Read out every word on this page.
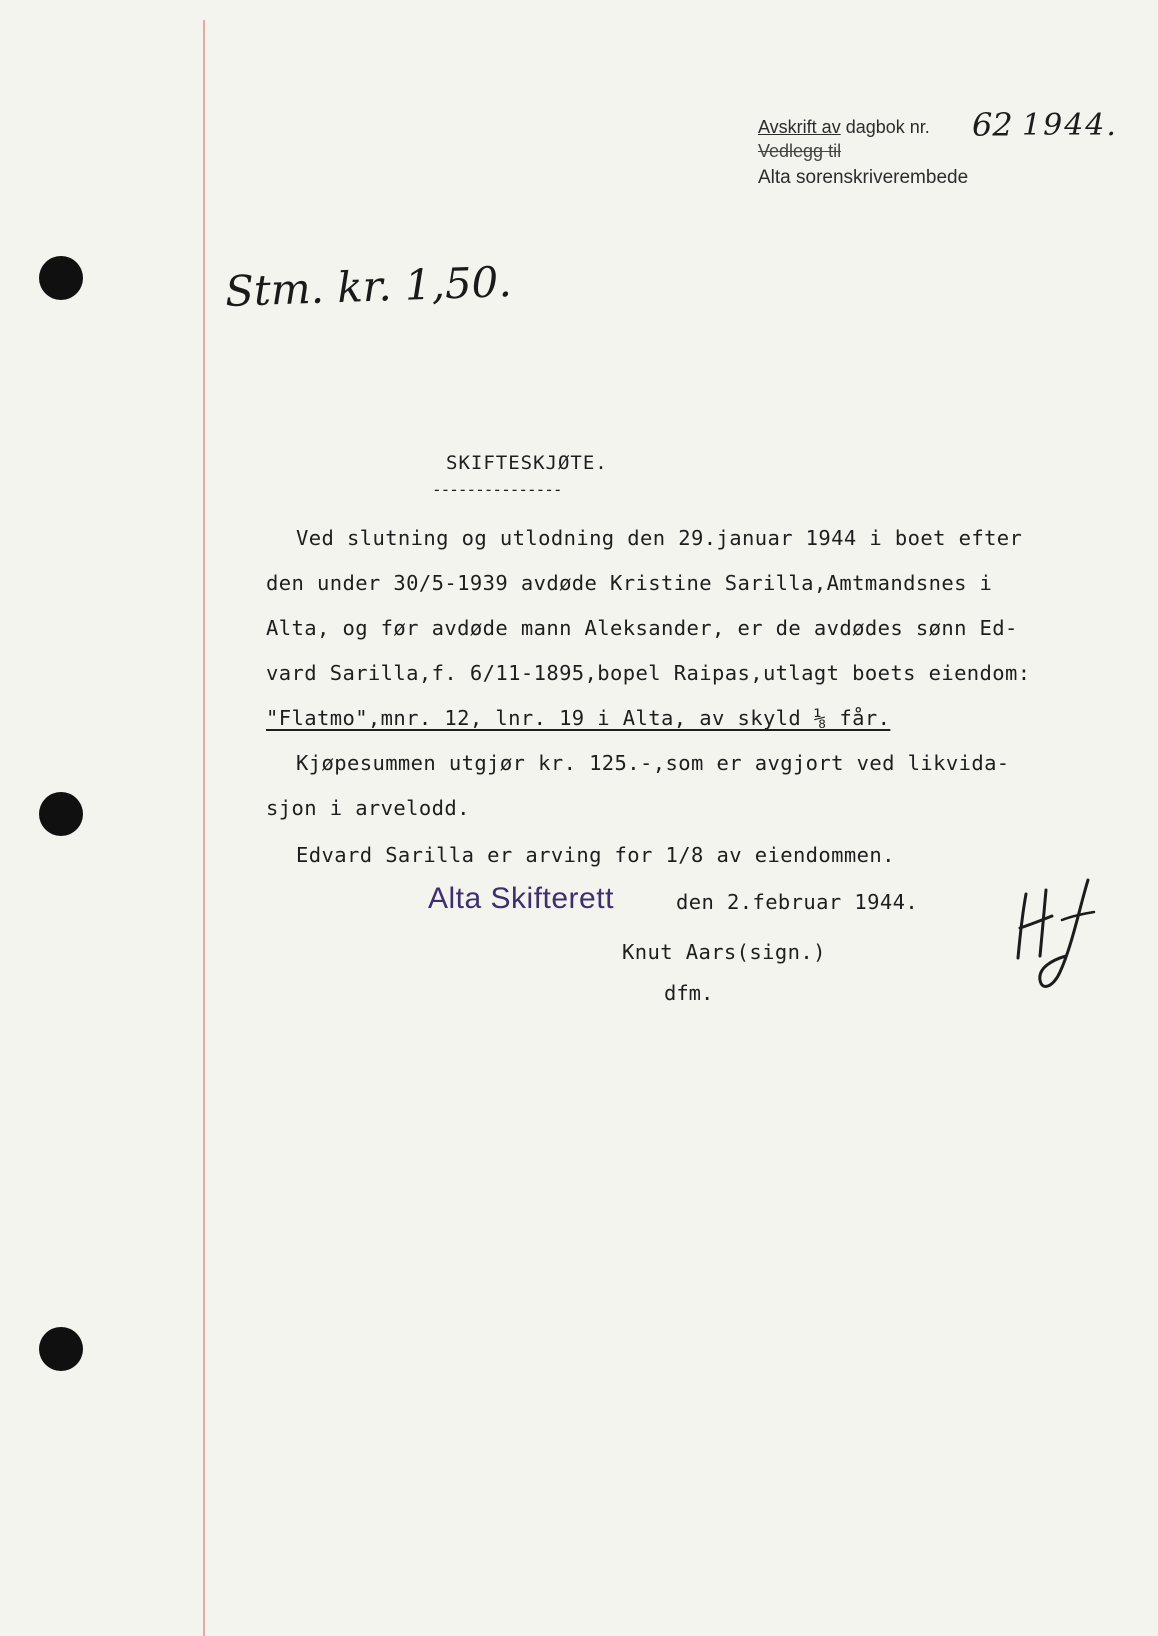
Avskrift av dagbok nr.
Vedlegg til
Alta sorenskriverembede
62 1944.
Stm. kr. 1,50.
SKIFTESKJØTE.
---------------
Ved slutning og utlodning den 29.januar 1944 i boet efter
den under 30/5-1939 avdøde Kristine Sarilla,Amtmandsnes i
Alta, og før avdøde mann Aleksander, er de avdødes sønn Ed-
vard Sarilla,f. 6/11-1895,bopel Raipas,utlagt boets eiendom:
"Flatmo",mnr. 12, lnr. 19 i Alta, av skyld ⅛ får.
Kjøpesummen utgjør kr. 125.-,som er avgjort ved likvida-
sjon i arvelodd.
Edvard Sarilla er arving for 1/8 av eiendommen.
Alta Skifterett	den 2.februar 1944.
Knut Aars(sign.)
dfm.
